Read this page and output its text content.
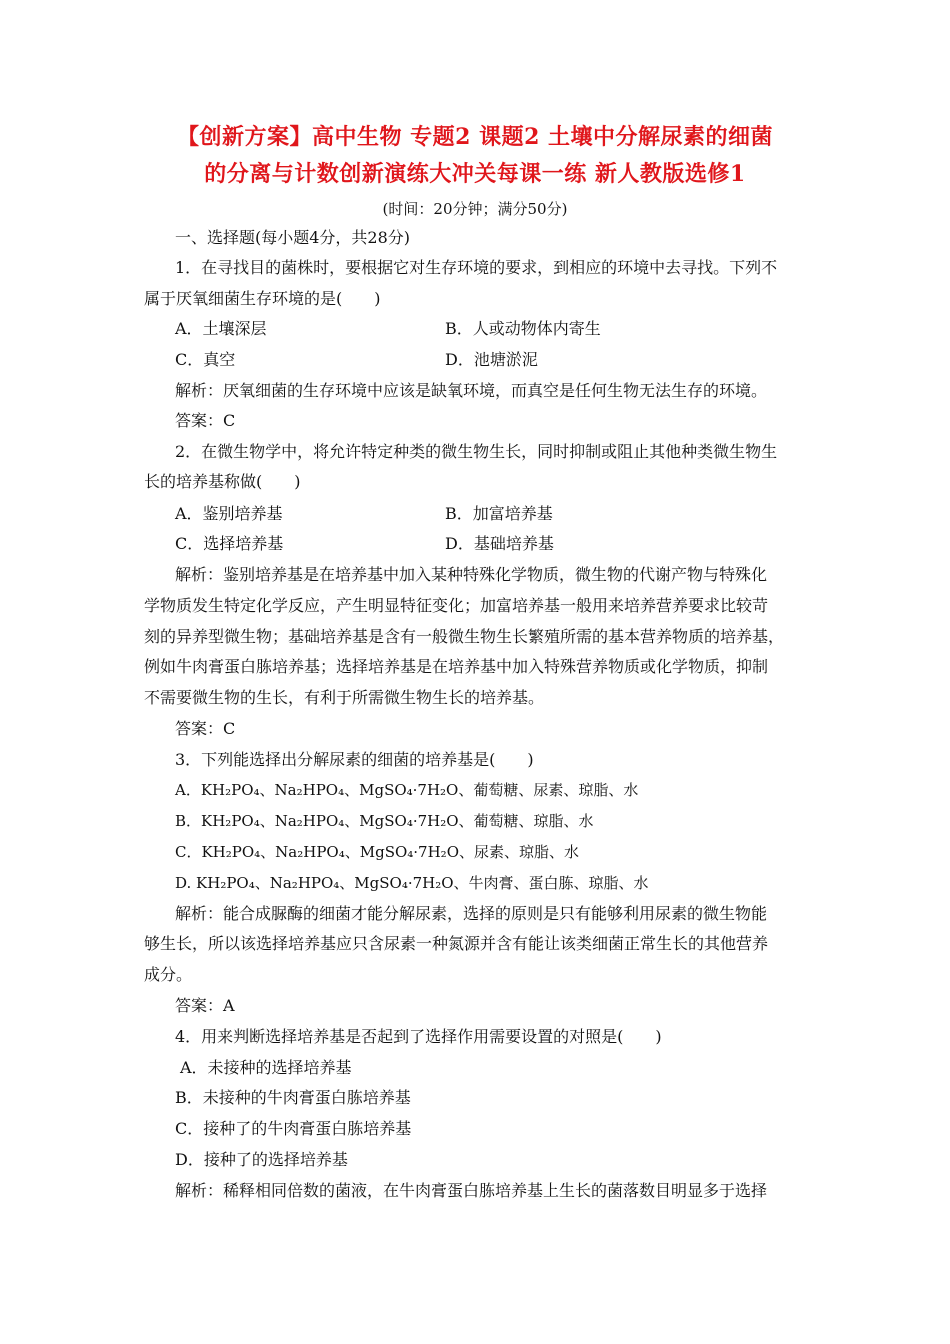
【创新方案】高中生物 专题2 课题2 土壤中分解尿素的细菌
的分离与计数创新演练大冲关每课一练 新人教版选修1
(时间：20分钟；满分50分)
一、选择题(每小题4分，共28分)
1．在寻找目的菌株时，要根据它对生存环境的要求，到相应的环境中去寻找。下列不
属于厌氧细菌生存环境的是(　　)
A．土壤深层	B．人或动物体内寄生
C．真空	D．池塘淤泥
解析：厌氧细菌的生存环境中应该是缺氧环境，而真空是任何生物无法生存的环境。
答案：C
2．在微生物学中，将允许特定种类的微生物生长，同时抑制或阻止其他种类微生物生
长的培养基称做(　　)
A．鉴别培养基	B．加富培养基
C．选择培养基	D．基础培养基
解析：鉴别培养基是在培养基中加入某种特殊化学物质，微生物的代谢产物与特殊化
学物质发生特定化学反应，产生明显特征变化；加富培养基一般用来培养营养要求比较苛
刻的异养型微生物；基础培养基是含有一般微生物生长繁殖所需的基本营养物质的培养基，
例如牛肉膏蛋白胨培养基；选择培养基是在培养基中加入特殊营养物质或化学物质，抑制
不需要微生物的生长，有利于所需微生物生长的培养基。
答案：C
3．下列能选择出分解尿素的细菌的培养基是(　　)
A．KH₂PO₄、Na₂HPO₄、MgSO₄·7H₂O、葡萄糖、尿素、琼脂、水
B．KH₂PO₄、Na₂HPO₄、MgSO₄·7H₂O、葡萄糖、琼脂、水
C．KH₂PO₄、Na₂HPO₄、MgSO₄·7H₂O、尿素、琼脂、水
D. KH₂PO₄、Na₂HPO₄、MgSO₄·7H₂O、牛肉膏、蛋白胨、琼脂、水
解析：能合成脲酶的细菌才能分解尿素，选择的原则是只有能够利用尿素的微生物能
够生长，所以该选择培养基应只含尿素一种氮源并含有能让该类细菌正常生长的其他营养
成分。
答案：A
4．用来判断选择培养基是否起到了选择作用需要设置的对照是(　　)
A．未接种的选择培养基
B．未接种的牛肉膏蛋白胨培养基
C．接种了的牛肉膏蛋白胨培养基
D．接种了的选择培养基
解析：稀释相同倍数的菌液，在牛肉膏蛋白胨培养基上生长的菌落数目明显多于选择
